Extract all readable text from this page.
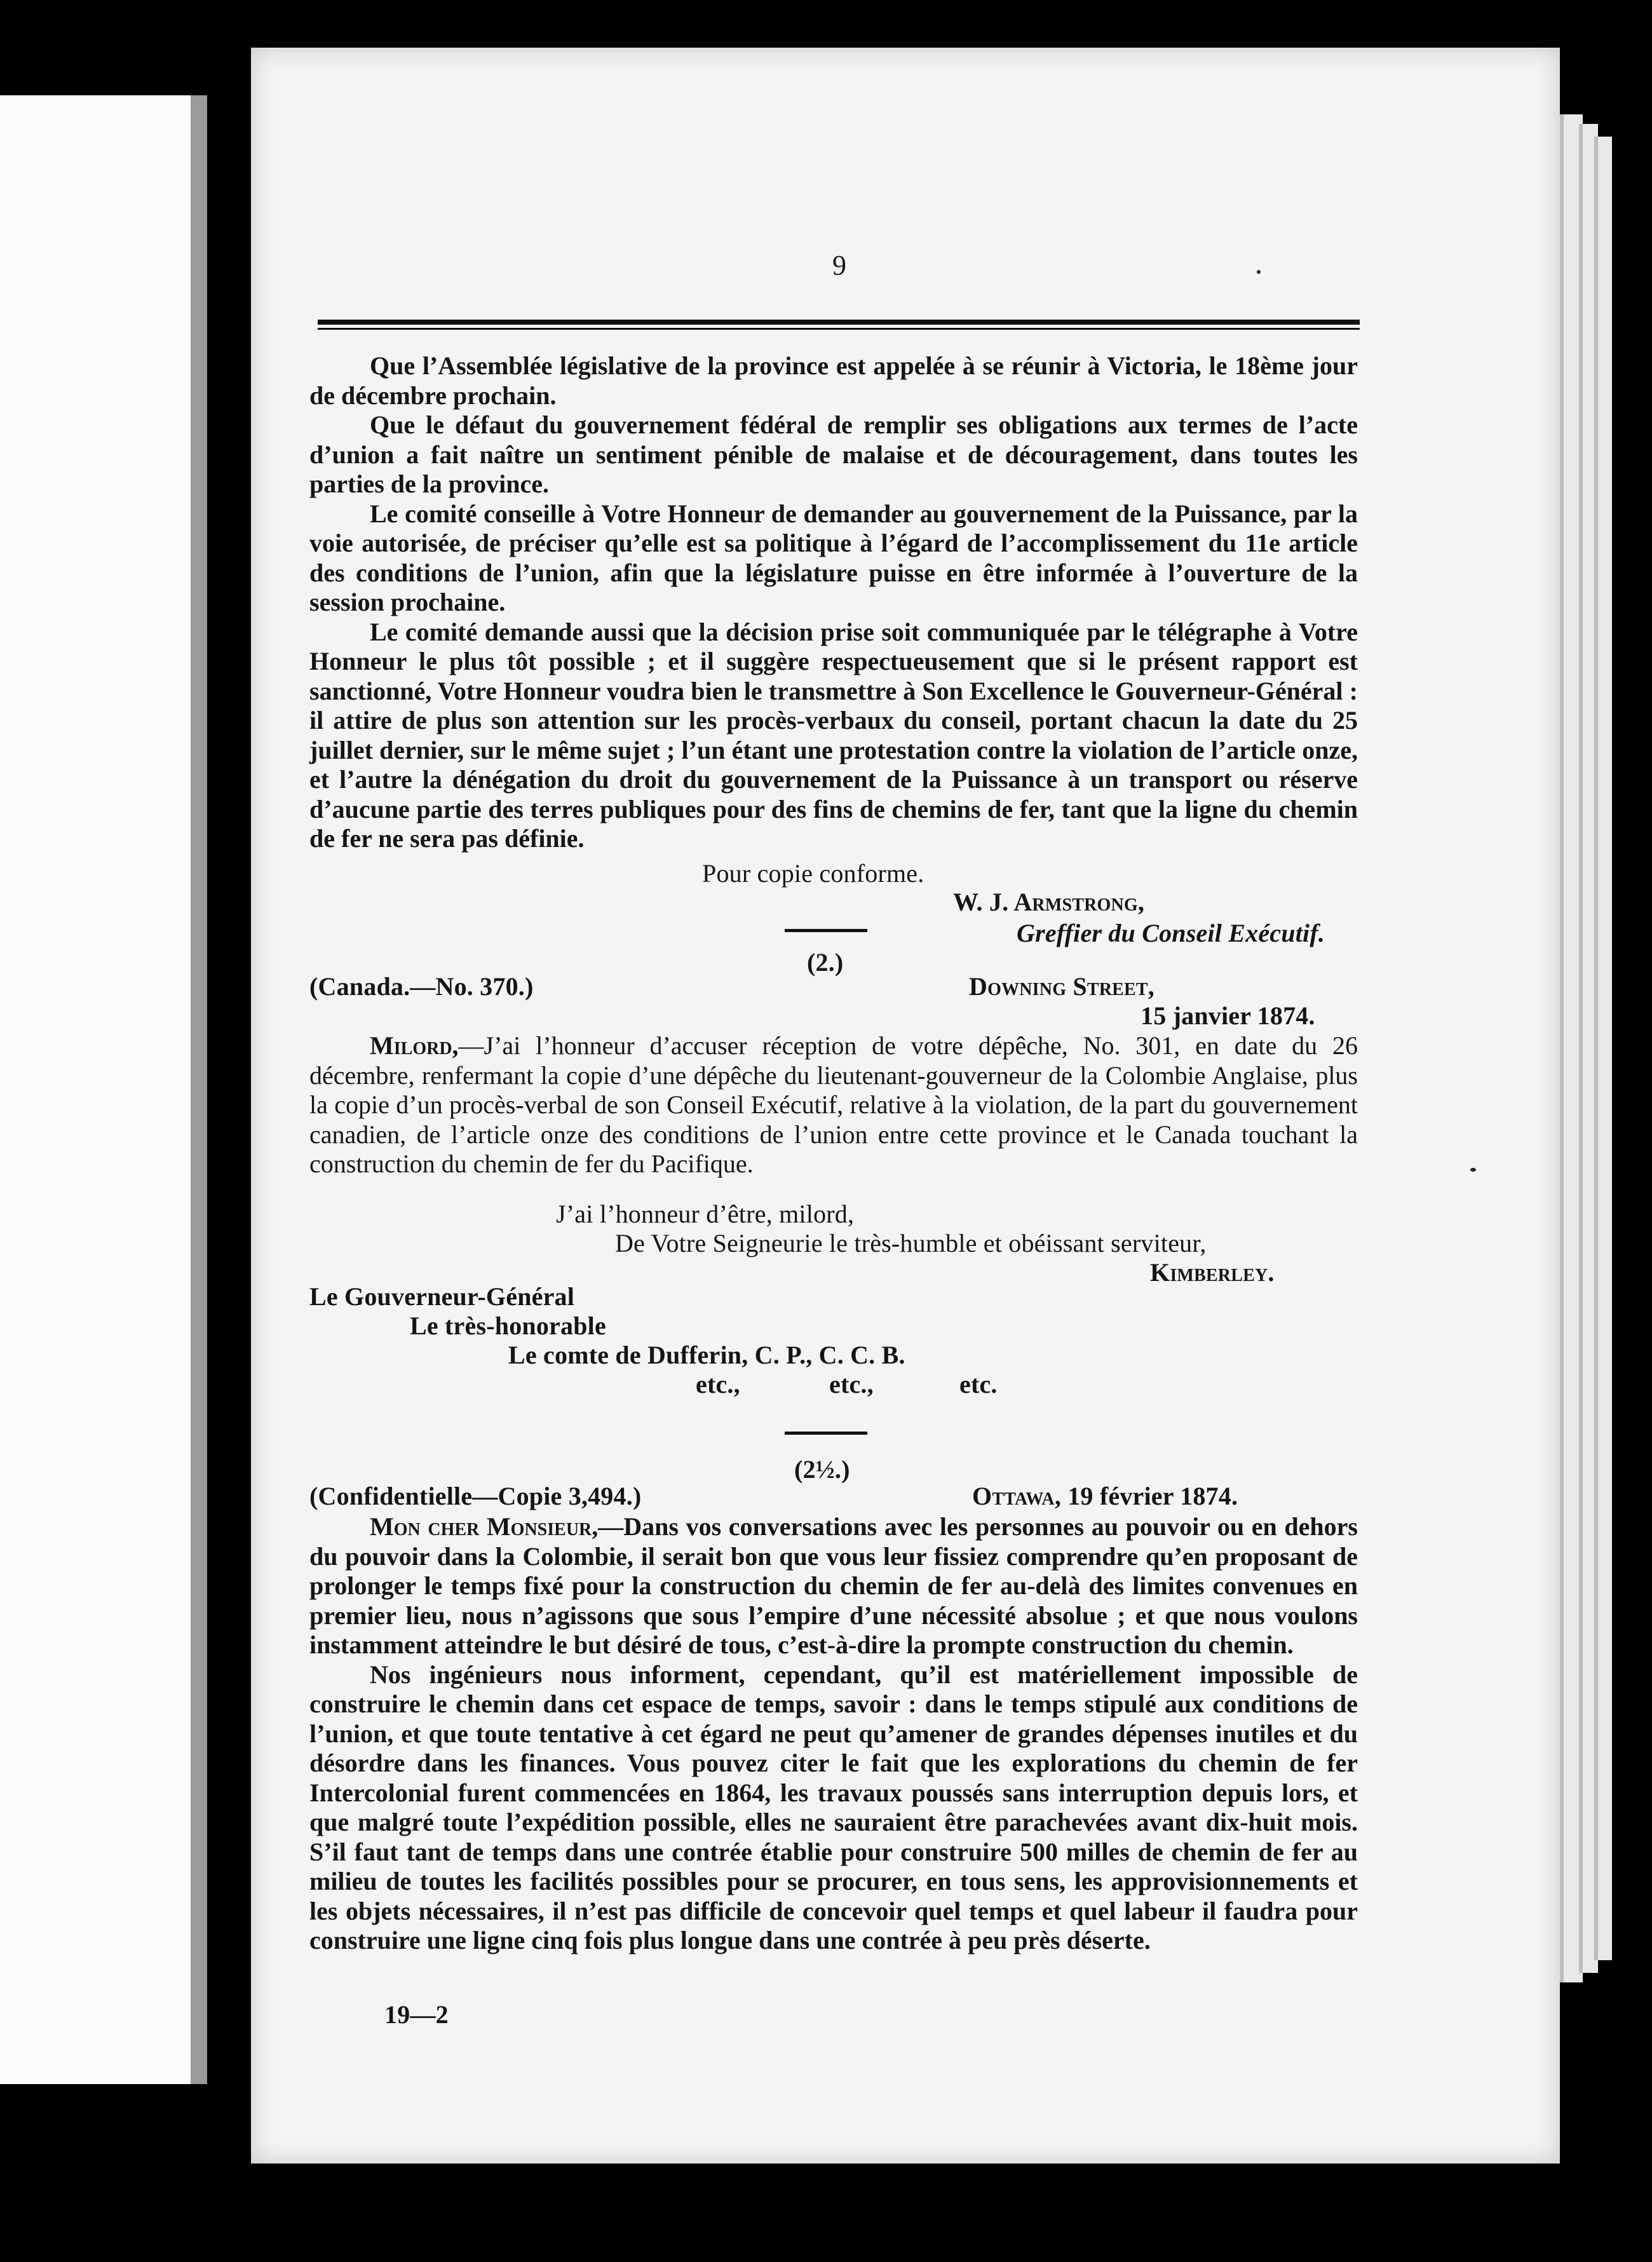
9

Que l’Assemblée législative de la province est appelée à se réunir à Victoria, le 18ème jour de décembre prochain.

Que le défaut du gouvernement fédéral de remplir ses obligations aux termes de l’acte d’union a fait naître un sentiment pénible de malaise et de découragement, dans toutes les parties de la province.

Le comité conseille à Votre Honneur de demander au gouvernement de la Puissance, par la voie autorisée, de préciser qu’elle est sa politique à l’égard de l’accomplissement du 11e article des conditions de l’union, afin que la législature puisse en être informée à l’ouverture de la session prochaine.

Le comité demande aussi que la décision prise soit communiquée par le télégraphe à Votre Honneur le plus tôt possible ; et il suggère respectueusement que si le présent rapport est sanctionné, Votre Honneur voudra bien le transmettre à Son Excellence le Gouverneur-Général : il attire de plus son attention sur les procès-verbaux du conseil, portant chacun la date du 25 juillet dernier, sur le même sujet ; l’un étant une protestation contre la violation de l’article onze, et l’autre la dénégation du droit du gouvernement de la Puissance à un transport ou réserve d’aucune partie des terres publiques pour des fins de chemins de fer, tant que la ligne du chemin de fer ne sera pas définie.

Pour copie conforme.
W. J. Armstrong,
Greffier du Conseil Exécutif.
(2.)
(Canada.—No. 370.)	Downing Street,
15 janvier 1874.

Milord,—J’ai l’honneur d’accuser réception de votre dépêche, No. 301, en date du 26 décembre, renfermant la copie d’une dépêche du lieutenant-gouverneur de la Colombie Anglaise, plus la copie d’un procès-verbal de son Conseil Exécutif, relative à la violation, de la part du gouvernement canadien, de l’article onze des conditions de l’union entre cette province et le Canada touchant la construction du chemin de fer du Pacifique.

J’ai l’honneur d’être, milord,
De Votre Seigneurie le très-humble et obéissant serviteur,
Kimberley.
Le Gouverneur-Général
Le très-honorable
Le comte de Dufferin, C. P., C. C. B.
etc.,	etc.,	etc.
(2½.)
(Confidentielle—Copie 3,494.)	Ottawa, 19 février 1874.

Mon cher Monsieur,—Dans vos conversations avec les personnes au pouvoir ou en dehors du pouvoir dans la Colombie, il serait bon que vous leur fissiez comprendre qu’en proposant de prolonger le temps fixé pour la construction du chemin de fer au-delà des limites convenues en premier lieu, nous n’agissons que sous l’empire d’une nécessité absolue ; et que nous voulons instamment atteindre le but désiré de tous, c’est-à-dire la prompte construction du chemin.

Nos ingénieurs nous informent, cependant, qu’il est matériellement impossible de construire le chemin dans cet espace de temps, savoir : dans le temps stipulé aux conditions de l’union, et que toute tentative à cet égard ne peut qu’amener de grandes dépenses inutiles et du désordre dans les finances. Vous pouvez citer le fait que les explorations du chemin de fer Intercolonial furent commencées en 1864, les travaux poussés sans interruption depuis lors, et que malgré toute l’expédition possible, elles ne sauraient être parachevées avant dix-huit mois. S’il faut tant de temps dans une contrée établie pour construire 500 milles de chemin de fer au milieu de toutes les facilités possibles pour se procurer, en tous sens, les approvisionnements et les objets nécessaires, il n’est pas difficile de concevoir quel temps et quel labeur il faudra pour construire une ligne cinq fois plus longue dans une contrée à peu près déserte.

19—2
